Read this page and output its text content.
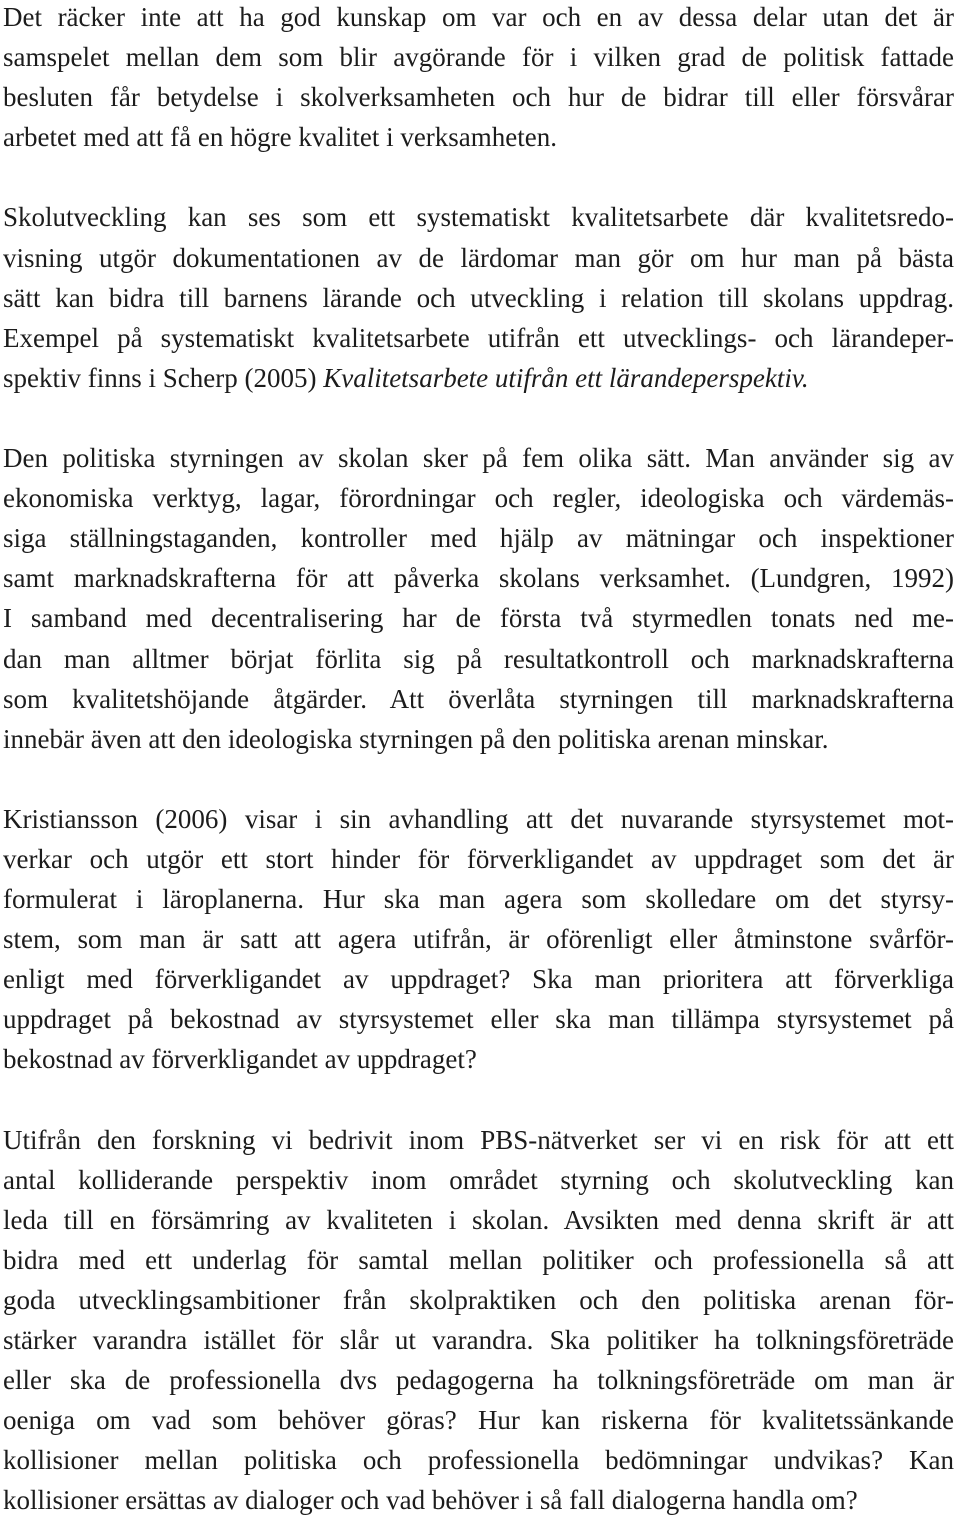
Det räcker inte att ha god kunskap om var och en av dessa delar utan det är
samspelet mellan dem som blir avgörande för i vilken grad de politisk fattade
besluten får betydelse i skolverksamheten och hur de bidrar till eller försvårar
arbetet med att få en högre kvalitet i verksamheten.

Skolutveckling kan ses som ett systematiskt kvalitetsarbete där kvalitetsredo-
visning utgör dokumentationen av de lärdomar man gör om hur man på bästa
sätt kan bidra till barnens lärande och utveckling i relation till skolans uppdrag.
Exempel på systematiskt kvalitetsarbete utifrån ett utvecklings- och lärandeper-
spektiv finns i Scherp (2005) Kvalitetsarbete utifrån ett lärandeperspektiv.

Den politiska styrningen av skolan sker på fem olika sätt. Man använder sig av
ekonomiska verktyg, lagar, förordningar och regler, ideologiska och värdemäs-
siga ställningstaganden, kontroller med hjälp av mätningar och inspektioner
samt marknadskrafterna för att påverka skolans verksamhet. (Lundgren, 1992)
I samband med decentralisering har de första två styrmedlen tonats ned me-
dan man alltmer börjat förlita sig på resultatkontroll och marknadskrafterna
som kvalitetshöjande åtgärder. Att överlåta styrningen till marknadskrafterna
innebär även att den ideologiska styrningen på den politiska arenan minskar.

Kristiansson (2006) visar i sin avhandling att det nuvarande styrsystemet mot-
verkar och utgör ett stort hinder för förverkligandet av uppdraget som det är
formulerat i läroplanerna. Hur ska man agera som skolledare om det styrsy-
stem, som man är satt att agera utifrån, är oförenligt eller åtminstone svårför-
enligt med förverkligandet av uppdraget? Ska man prioritera att förverkliga
uppdraget på bekostnad av styrsystemet eller ska man tillämpa styrsystemet på
bekostnad av förverkligandet av uppdraget?

Utifrån den forskning vi bedrivit inom PBS-nätverket ser vi en risk för att ett
antal kolliderande perspektiv inom området styrning och skolutveckling kan
leda till en försämring av kvaliteten i skolan. Avsikten med denna skrift är att
bidra med ett underlag för samtal mellan politiker och professionella så att
goda utvecklingsambitioner från skolpraktiken och den politiska arenan för-
stärker varandra istället för slår ut varandra. Ska politiker ha tolkningsföreträde
eller ska de professionella dvs pedagogerna ha tolkningsföreträde om man är
oeniga om vad som behöver göras? Hur kan riskerna för kvalitetssänkande
kollisioner mellan politiska och professionella bedömningar undvikas? Kan
kollisioner ersättas av dialoger och vad behöver i så fall dialogerna handla om?
